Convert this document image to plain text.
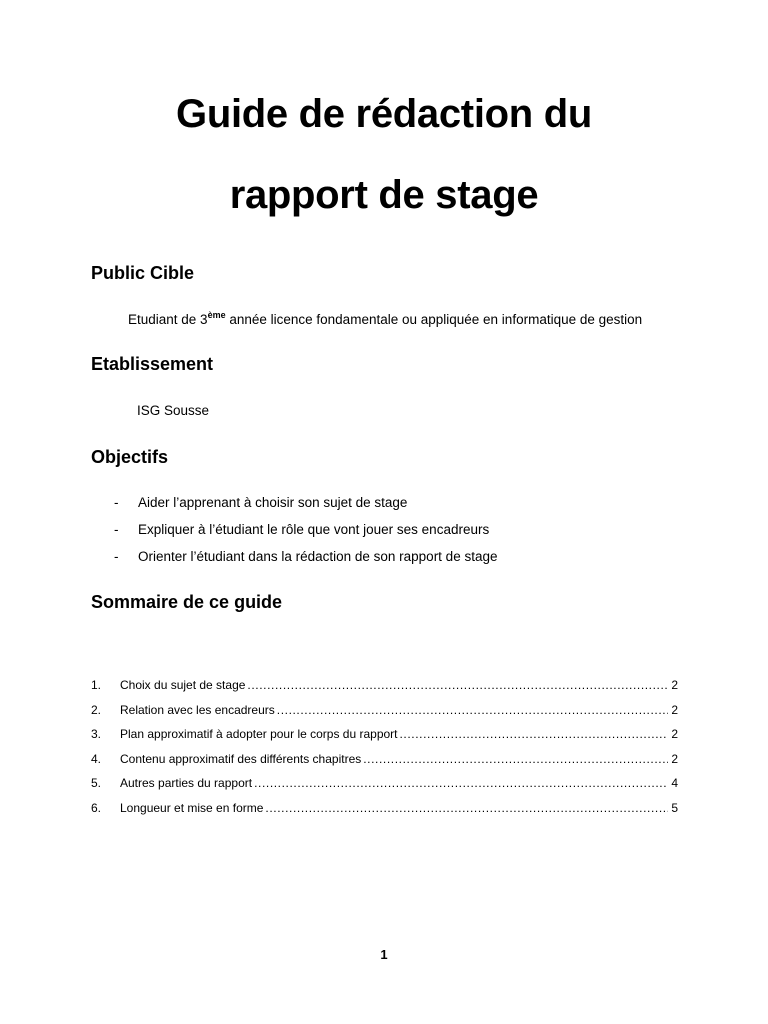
Guide de rédaction du
rapport de stage
Public Cible
Etudiant de 3ème année licence fondamentale ou appliquée en informatique de gestion
Etablissement
ISG Sousse
Objectifs
- Aider l’apprenant à choisir son sujet de stage
- Expliquer à l’étudiant le rôle que vont jouer ses encadreurs
- Orienter l’étudiant dans la rédaction de son rapport de stage
Sommaire de ce guide
1.	Choix du sujet de stage .....	2
2.	Relation avec les encadreurs .....	2
3.	Plan approximatif à adopter pour le corps du rapport .....	2
4.	Contenu approximatif des différents chapitres .....	2
5.	Autres parties du rapport .....	4
6.	Longueur et mise en forme .....	5
1
